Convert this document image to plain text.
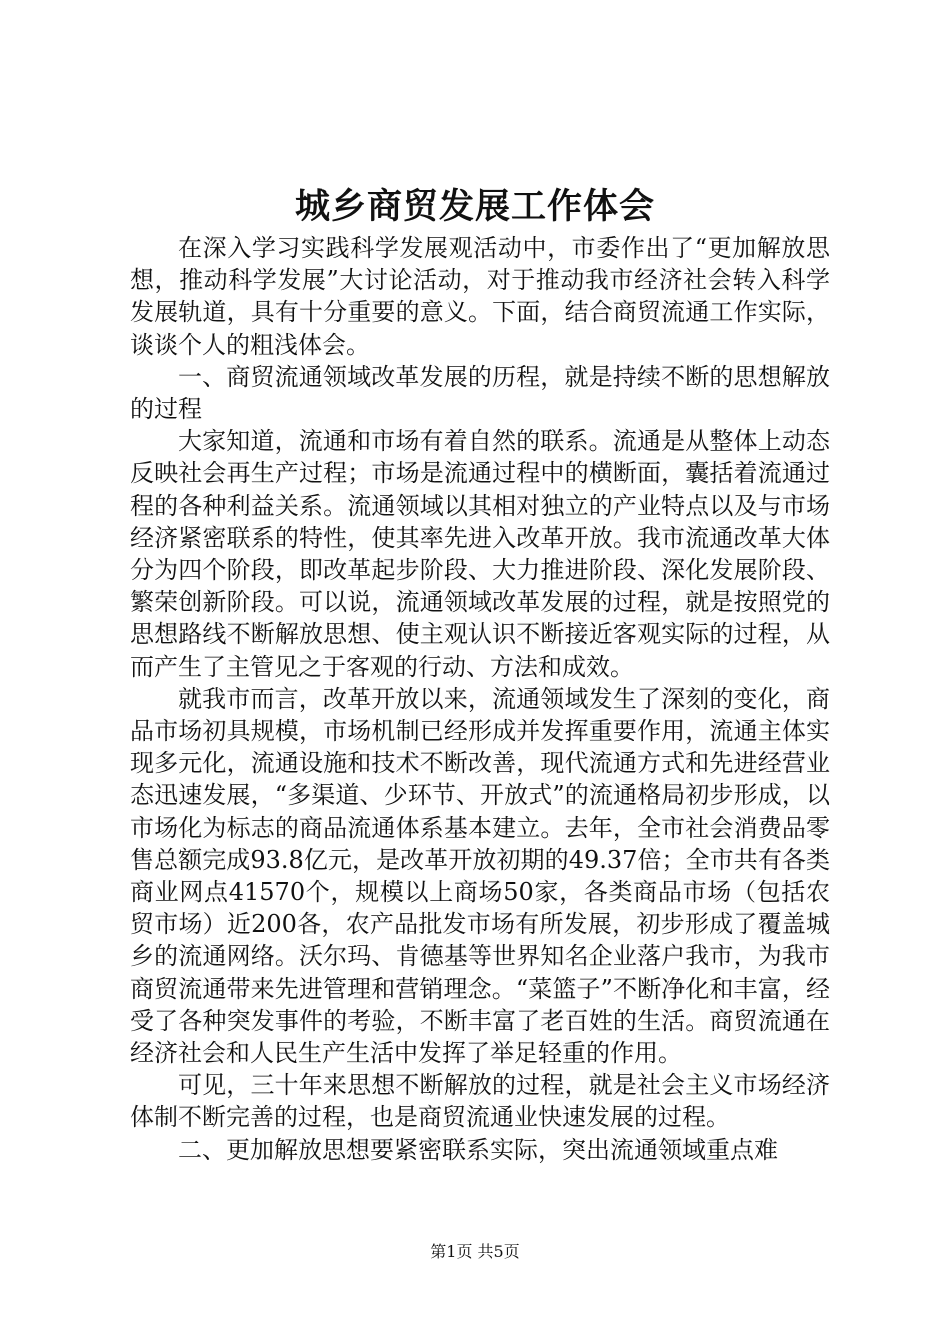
城乡商贸发展工作体会

在深入学习实践科学发展观活动中，市委作出了“更加解放思想，推动科学发展”大讨论活动，对于推动我市经济社会转入科学发展轨道，具有十分重要的意义。下面，结合商贸流通工作实际，谈谈个人的粗浅体会。

一、商贸流通领域改革发展的历程，就是持续不断的思想解放的过程

大家知道，流通和市场有着自然的联系。流通是从整体上动态反映社会再生产过程；市场是流通过程中的横断面，囊括着流通过程的各种利益关系。流通领域以其相对独立的产业特点以及与市场经济紧密联系的特性，使其率先进入改革开放。我市流通改革大体分为四个阶段，即改革起步阶段、大力推进阶段、深化发展阶段、繁荣创新阶段。可以说，流通领域改革发展的过程，就是按照党的思想路线不断解放思想、使主观认识不断接近客观实际的过程，从而产生了主管见之于客观的行动、方法和成效。

就我市而言，改革开放以来，流通领域发生了深刻的变化，商品市场初具规模，市场机制已经形成并发挥重要作用，流通主体实现多元化，流通设施和技术不断改善，现代流通方式和先进经营业态迅速发展，“多渠道、少环节、开放式”的流通格局初步形成，以市场化为标志的商品流通体系基本建立。去年，全市社会消费品零售总额完成93.8亿元，是改革开放初期的49.37倍；全市共有各类商业网点41570个，规模以上商场50家，各类商品市场（包括农贸市场）近200各，农产品批发市场有所发展，初步形成了覆盖城乡的流通网络。沃尔玛、肯德基等世界知名企业落户我市，为我市商贸流通带来先进管理和营销理念。“菜篮子”不断净化和丰富，经受了各种突发事件的考验，不断丰富了老百姓的生活。商贸流通在经济社会和人民生产生活中发挥了举足轻重的作用。

可见，三十年来思想不断解放的过程，就是社会主义市场经济体制不断完善的过程，也是商贸流通业快速发展的过程。

二、更加解放思想要紧密联系实际，突出流通领域重点难

第1页 共5页
